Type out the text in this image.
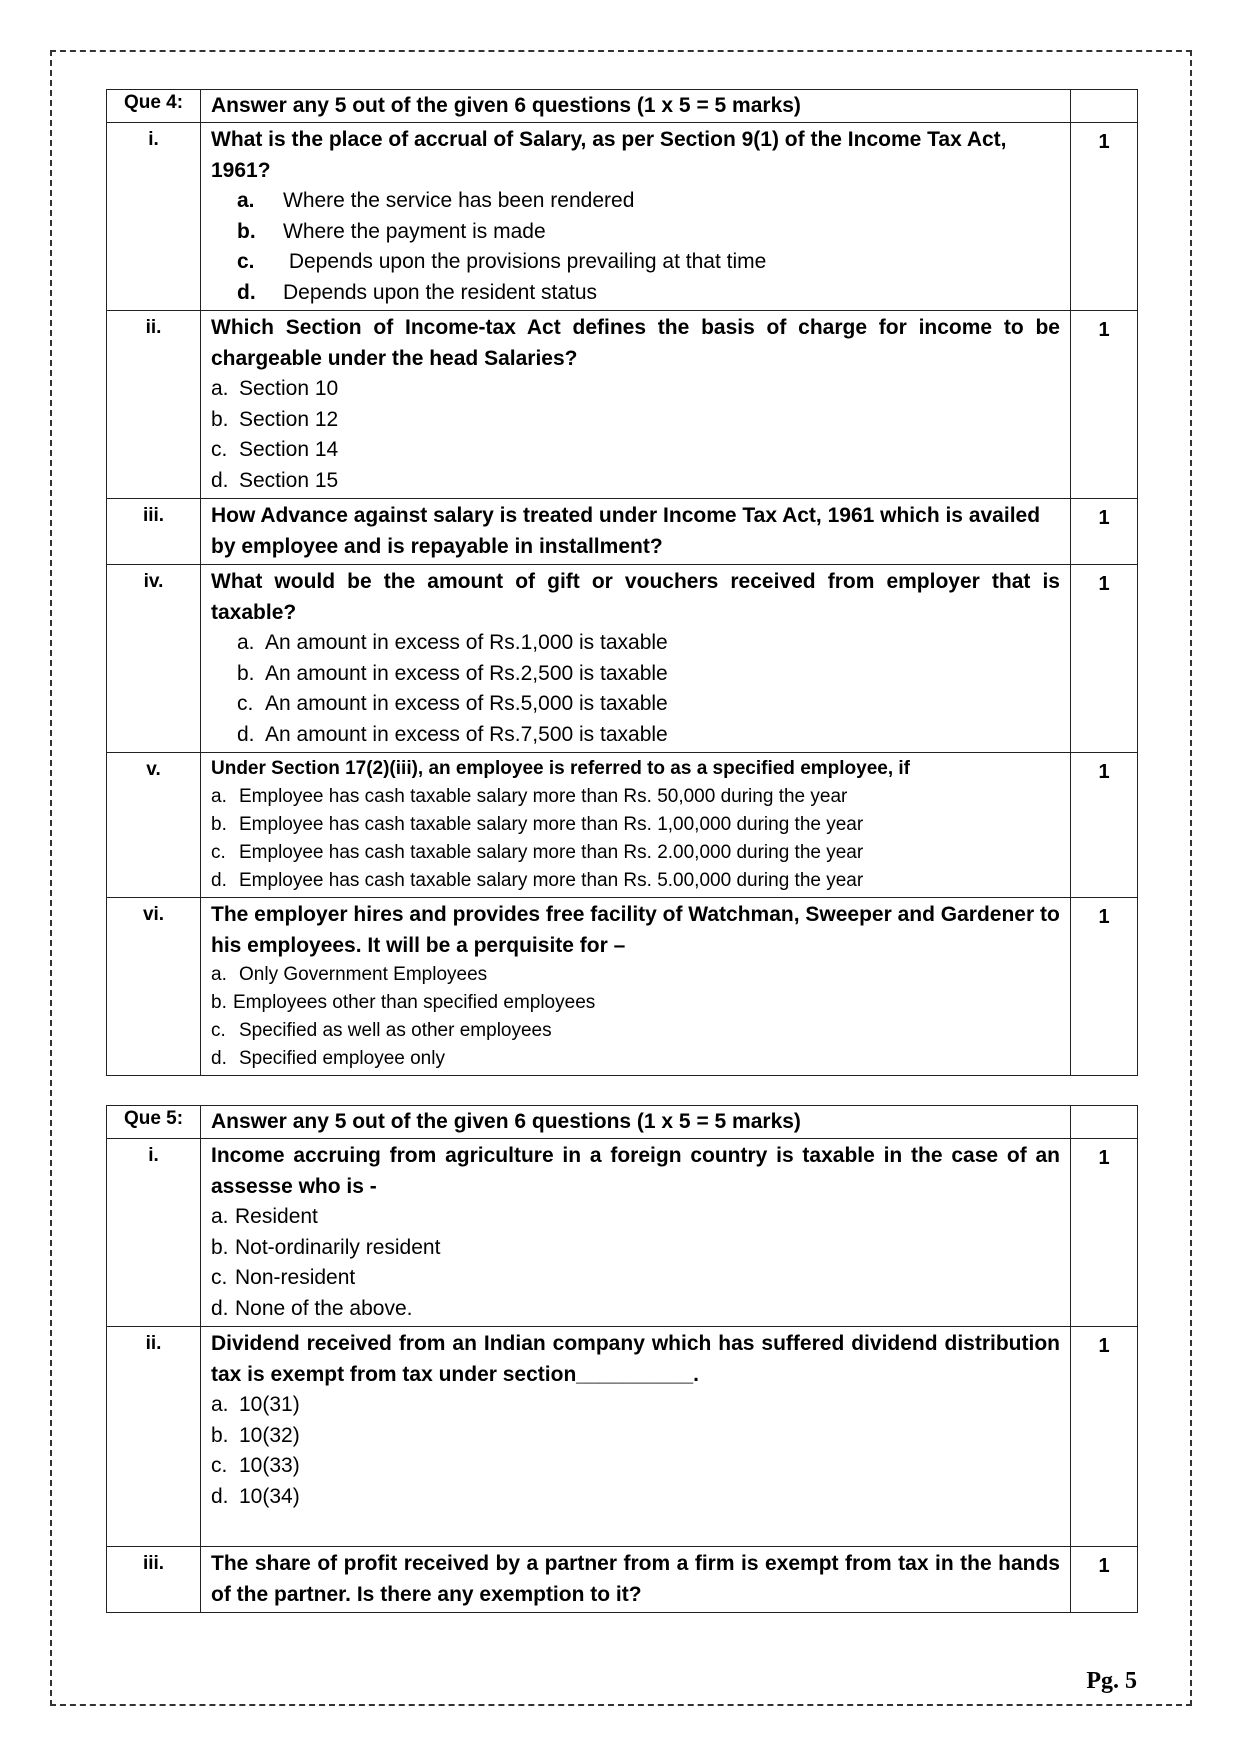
Que 4:	Answer any 5 out of the given 6 questions (1 x 5 = 5 marks)	

i.	What is the place of accrual of Salary, as per Section 9(1) of the Income Tax Act, 1961?
a. Where the service has been rendered
b. Where the payment is made
c. Depends upon the provisions prevailing at that time
d. Depends upon the resident status	1
ii.	Which Section of Income-tax Act defines the basis of charge for income to be chargeable under the head Salaries?
a. Section 10
b. Section 12
c. Section 14
d. Section 15	1
iii.	How Advance against salary is treated under Income Tax Act, 1961 which is availed by employee and is repayable in installment?	1
iv.	What would be the amount of gift or vouchers received from employer that is taxable?
a. An amount in excess of Rs.1,000 is taxable
b. An amount in excess of Rs.2,500 is taxable
c. An amount in excess of Rs.5,000 is taxable
d. An amount in excess of Rs.7,500 is taxable	1
v.	Under Section 17(2)(iii), an employee is referred to as a specified employee, if
a. Employee has cash taxable salary more than Rs. 50,000 during the year
b. Employee has cash taxable salary more than Rs. 1,00,000 during the year
c. Employee has cash taxable salary more than Rs. 2.00,000 during the year
d. Employee has cash taxable salary more than Rs. 5.00,000 during the year	1
vi.	The employer hires and provides free facility of Watchman, Sweeper and Gardener to his employees. It will be a perquisite for –
a. Only Government Employees
b. Employees other than specified employees
c. Specified as well as other employees
d. Specified employee only	1
Que 5:	Answer any 5 out of the given 6 questions (1 x 5 = 5 marks)	

i.	Income accruing from agriculture in a foreign country is taxable in the case of an assesse who is -
a. Resident
b. Not-ordinarily resident
c. Non-resident
d. None of the above.	1
ii.	Dividend received from an Indian company which has suffered dividend distribution tax is exempt from tax under section__________.
a. 10(31)
b. 10(32)
c. 10(33)
d. 10(34)	1
iii.	The share of profit received by a partner from a firm is exempt from tax in the hands of the partner. Is there any exemption to it?	1
Pg. 5
